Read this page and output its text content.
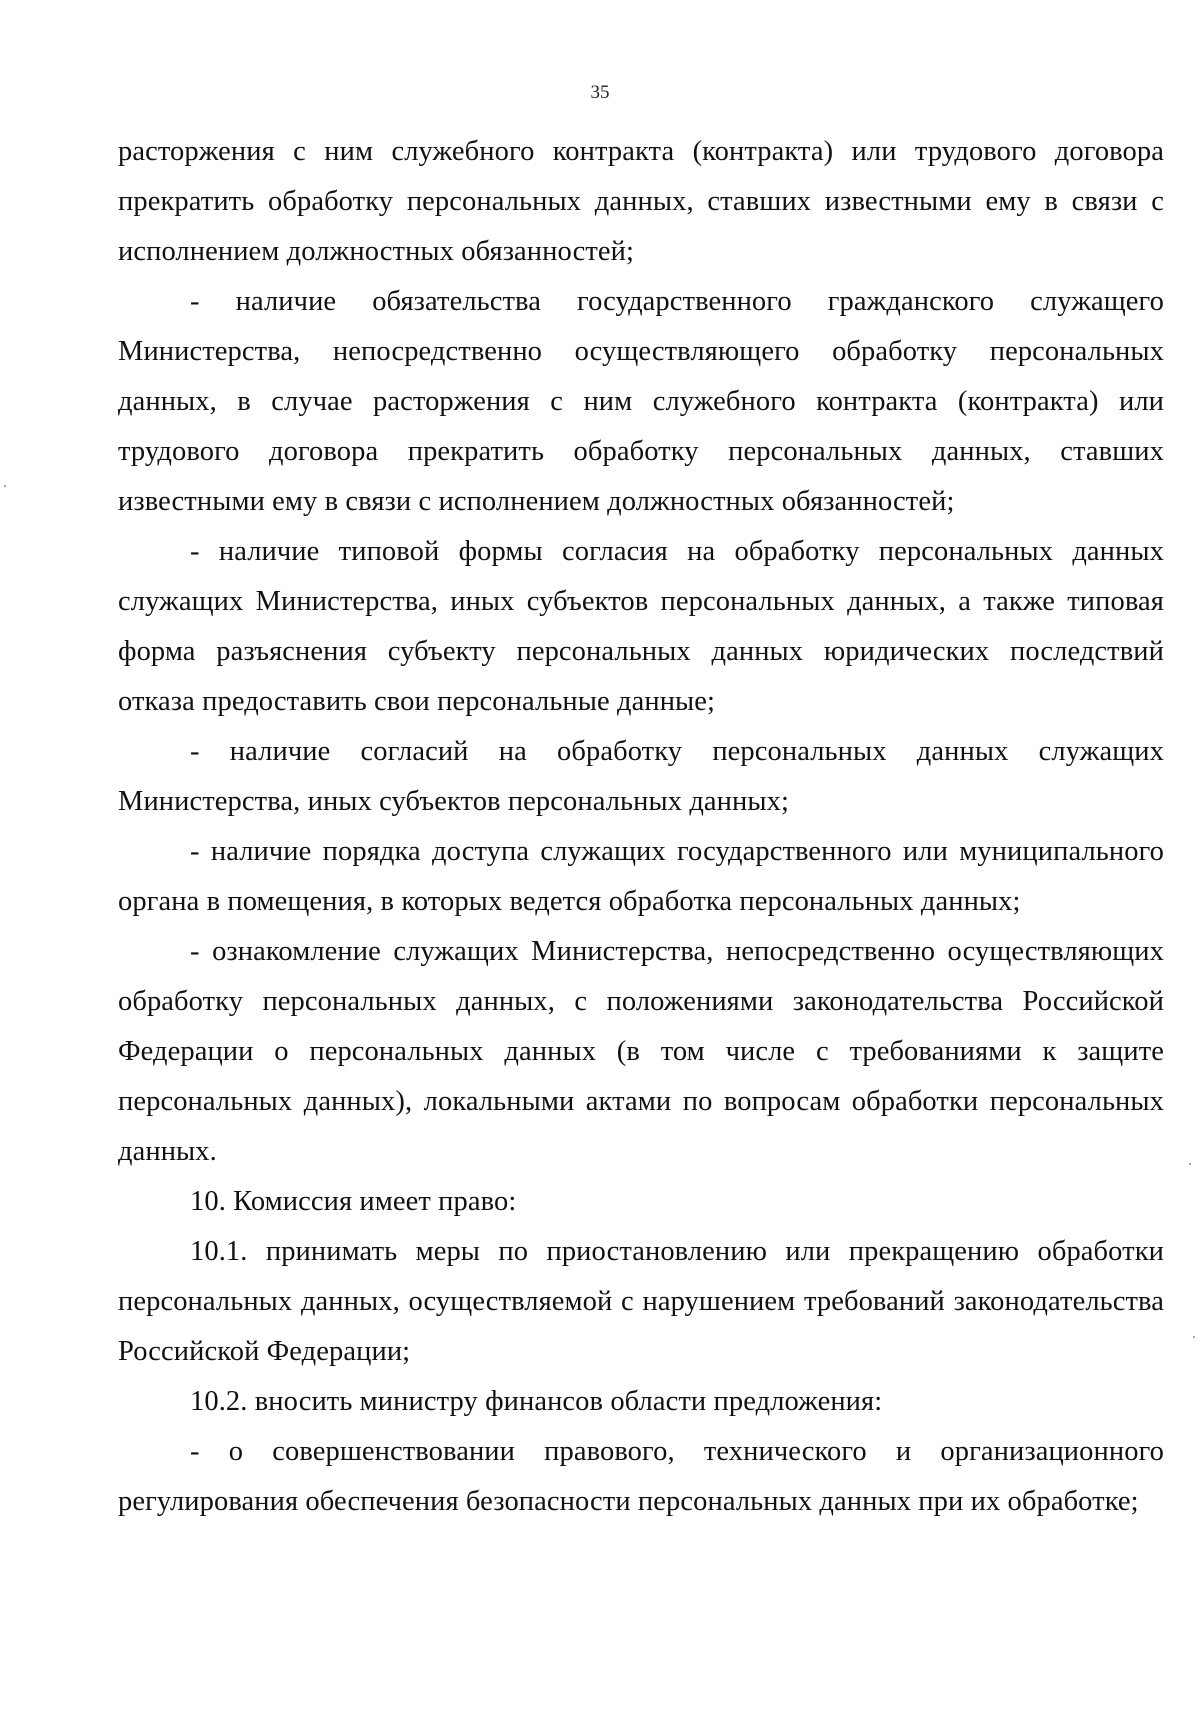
35

расторжения с ним служебного контракта (контракта) или трудового договора прекратить обработку персональных данных, ставших известными ему в связи с исполнением должностных обязанностей;

- наличие обязательства государственного гражданского служащего Министерства, непосредственно осуществляющего обработку персональных данных, в случае расторжения с ним служебного контракта (контракта) или трудового договора прекратить обработку персональных данных, ставших известными ему в связи с исполнением должностных обязанностей;

- наличие типовой формы согласия на обработку персональных данных служащих Министерства, иных субъектов персональных данных, а также типовая форма разъяснения субъекту персональных данных юридических последствий отказа предоставить свои персональные данные;

- наличие согласий на обработку персональных данных служащих Министерства, иных субъектов персональных данных;

- наличие порядка доступа служащих государственного или муниципального органа в помещения, в которых ведется обработка персональных данных;

- ознакомление служащих Министерства, непосредственно осуществляющих обработку персональных данных, с положениями законодательства Российской Федерации о персональных данных (в том числе с требованиями к защите персональных данных), локальными актами по вопросам обработки персональных данных.

10. Комиссия имеет право:

10.1. принимать меры по приостановлению или прекращению обработки персональных данных, осуществляемой с нарушением требований законодательства Российской Федерации;

10.2. вносить министру финансов области предложения:

- о совершенствовании правового, технического и организационного регулирования обеспечения безопасности персональных данных при их обработке;
